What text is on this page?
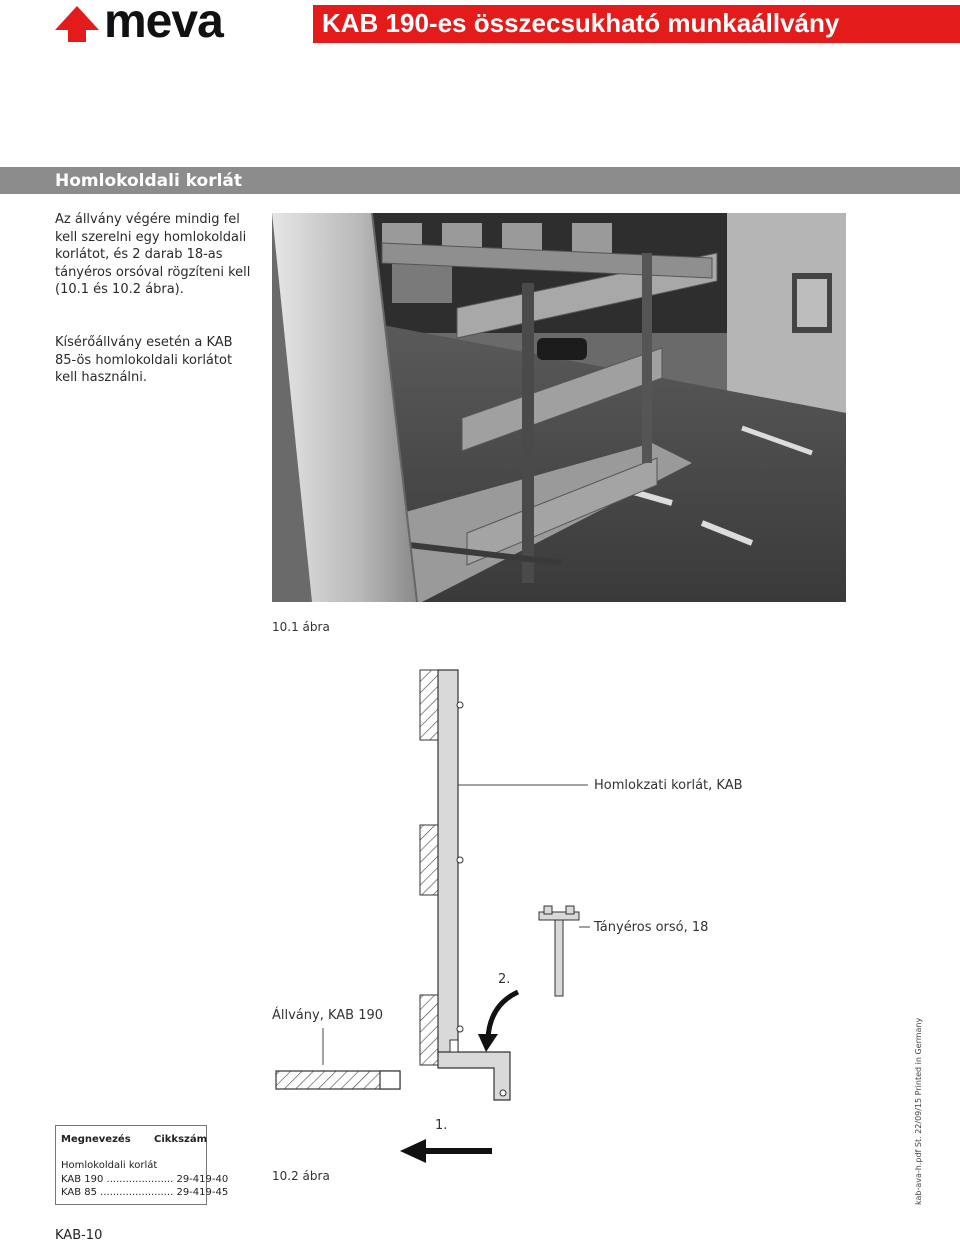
meva	KAB 190-es összecsukható munkaállvány
Homlokoldali korlát
Az állvány végére mindig fel kell szerelni egy homlokoldali korlátot, és 2 darab 18-as tányéros orsóval rögzíteni kell (10.1 és 10.2 ábra).
Kísérőállvány esetén a KAB 85-ös homlokoldali korlátot kell használni.
10.1 ábra
Homlokzati korlát, KAB
Tányéros orsó, 18
Állvány, KAB 190
2.
1.
10.2 ábra
Megnevezés Cikkszám
Homlokoldali korlát
KAB 190 ..................... 29-419-40
KAB 85 ....................... 29-419-45
KAB-10
kab-ava-h.pdf St. 22/09/15 Printed in Germany
